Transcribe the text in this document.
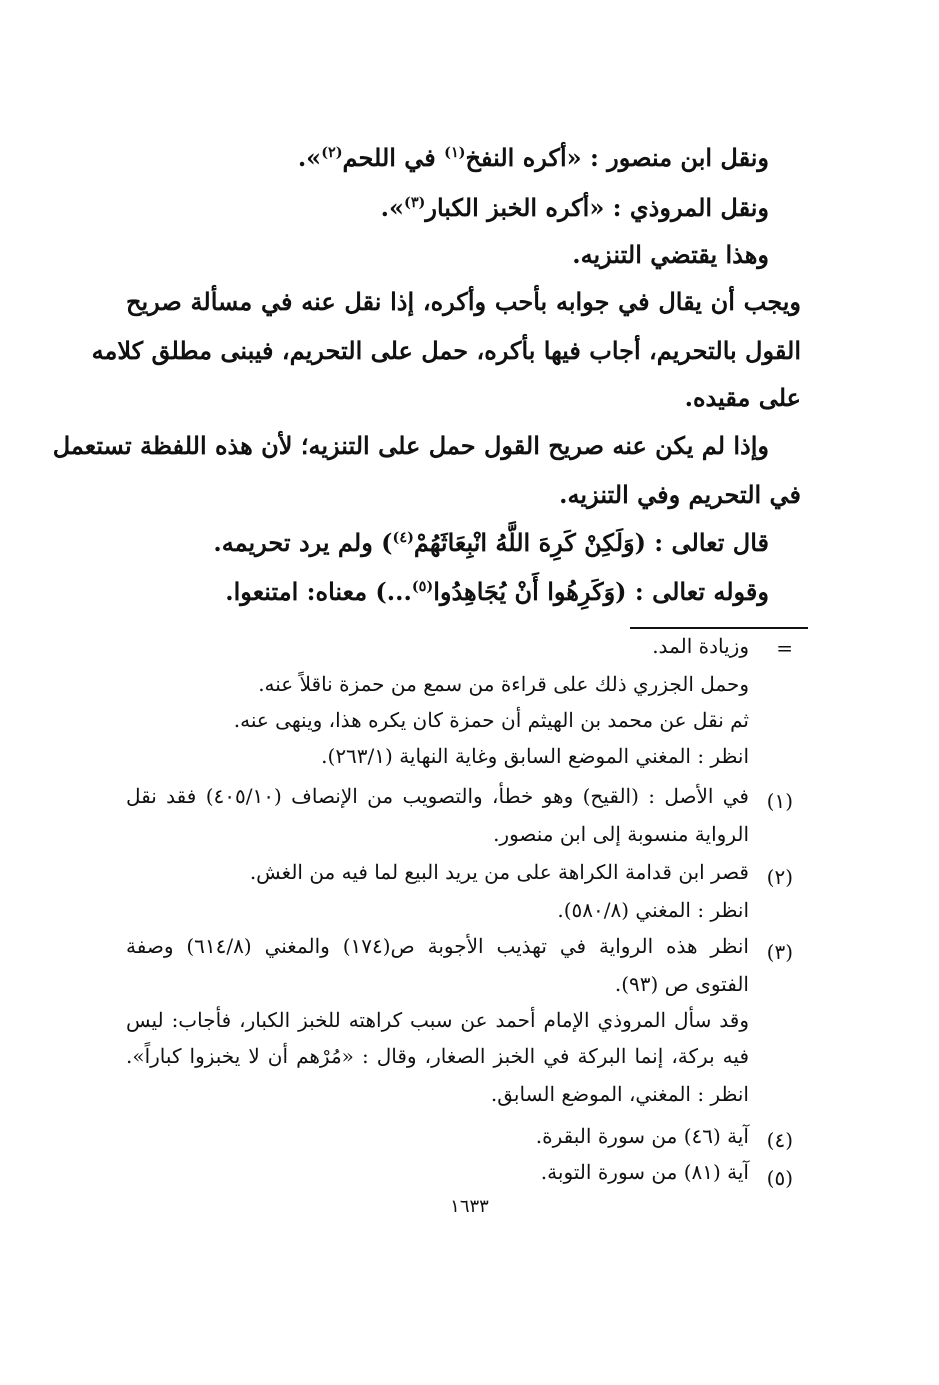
ونقل ابن منصور : «أكره النفخ$^{(١)}$ في اللحم$^{(٢)}$».
ونقل المروذي : «أكره الخبز الكبار$^{(٣)}$».
وهذا يقتضي التنزيه.
ويجب أن يقال في جوابه بأحب وأكره، إذا نقل عنه في مسألة صريح
القول بالتحريم، أجاب فيها بأكره، حمل على التحريم، فيبنى مطلق كلامه
على مقيده.
وإذا لم يكن عنه صريح القول حمل على التنزيه؛ لأن هذه اللفظة تستعمل
في التحريم وفي التنزيه.
قال تعالى : (وَلَكِنْ كَرِهَ اللَّهُ انْبِعَاثَهُمْ$^{(٤)}$) ولم يرد تحريمه.
وقوله تعالى : (وَكَرِهُوا أَنْ يُجَاهِدُوا$^{(٥)}$...) معناه: امتنعوا.
=
وزيادة المد.
وحمل الجزري ذلك على قراءة من سمع من حمزة ناقلاً عنه.
ثم نقل عن محمد بن الهيثم أن حمزة كان يكره هذا، وينهى عنه.
انظر : المغني الموضع السابق وغاية النهاية (٢٦٣/١).
(١)
في الأصل : (القيح) وهو خطأ، والتصويب من الإنصاف (٤٠٥/١٠) فقد نقل
الرواية منسوبة إلى ابن منصور.
(٢)
قصر ابن قدامة الكراهة على من يريد البيع لما فيه من الغش.
انظر : المغني (٥٨٠/٨).
(٣)
انظر هذه الرواية في تهذيب الأجوبة ص(١٧٤) والمغني (٦١٤/٨) وصفة
الفتوى ص (٩٣).
وقد سأل المروذي الإمام أحمد عن سبب كراهته للخبز الكبار، فأجاب: ليس
فيه بركة، إنما البركة في الخبز الصغار، وقال : «مُرْهم أن لا يخبزوا كباراً».
انظر : المغني، الموضع السابق.
(٤)
آية (٤٦) من سورة البقرة.
(٥)
آية (٨١) من سورة التوبة.
١٦٣٣
